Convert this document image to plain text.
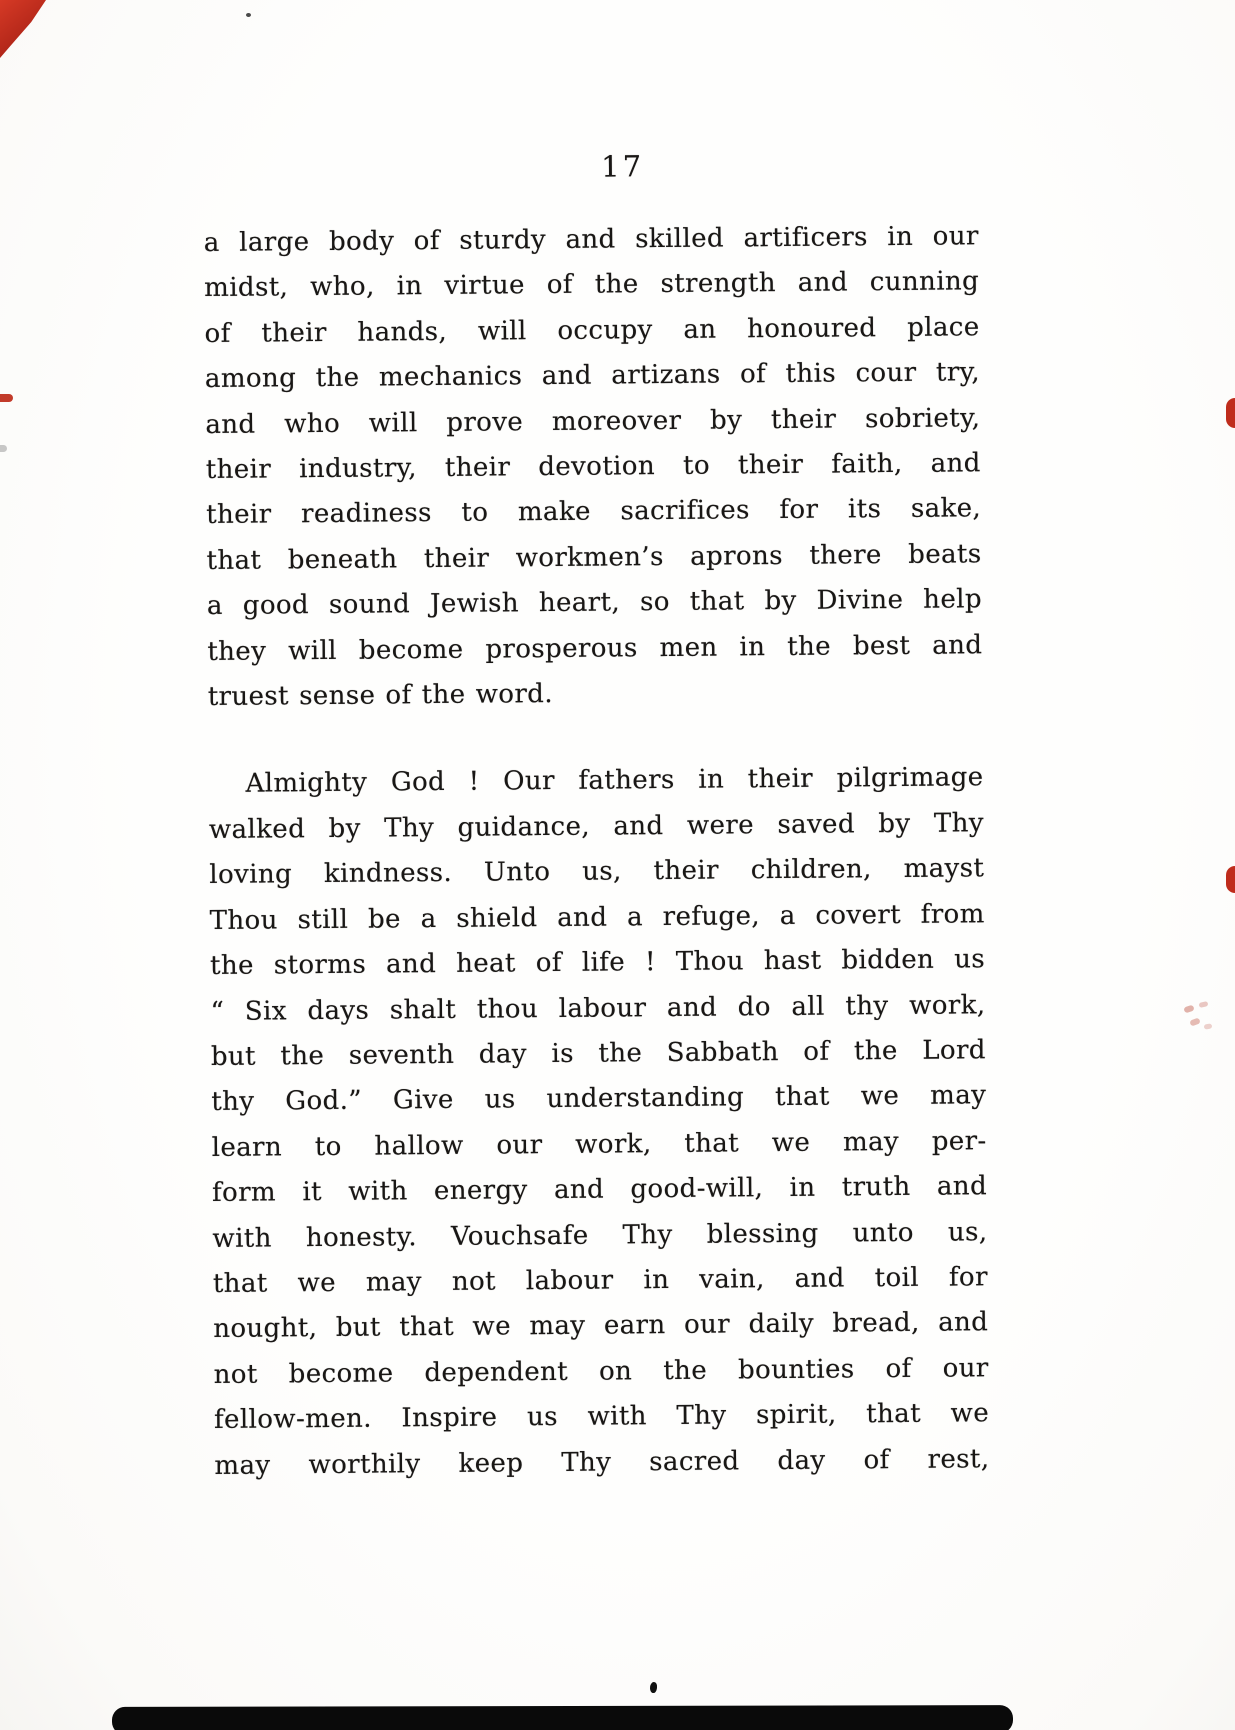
17
a large body of sturdy and skilled artificers in our
midst, who, in virtue of the strength and cunning
of their hands, will occupy an honoured place
among the mechanics and artizans of this cour try,
and who will prove moreover by their sobriety,
their industry, their devotion to their faith, and
their readiness to make sacrifices for its sake,
that beneath their workmen’s aprons there beats
a good sound Jewish heart, so that by Divine help
they will become prosperous men in the best and
truest sense of the word.
Almighty God ! Our fathers in their pilgrimage
walked by Thy guidance, and were saved by Thy
loving kindness. Unto us, their children, mayst
Thou still be a shield and a refuge, a covert from
the storms and heat of life ! Thou hast bidden us
“ Six days shalt thou labour and do all thy work,
but the seventh day is the Sabbath of the Lord
thy God.” Give us understanding that we may
learn to hallow our work, that we may per-
form it with energy and good-will, in truth and
with honesty. Vouchsafe Thy blessing unto us,
that we may not labour in vain, and toil for
nought, but that we may earn our daily bread, and
not become dependent on the bounties of our
fellow-men. Inspire us with Thy spirit, that we
may worthily keep Thy sacred day of rest,
